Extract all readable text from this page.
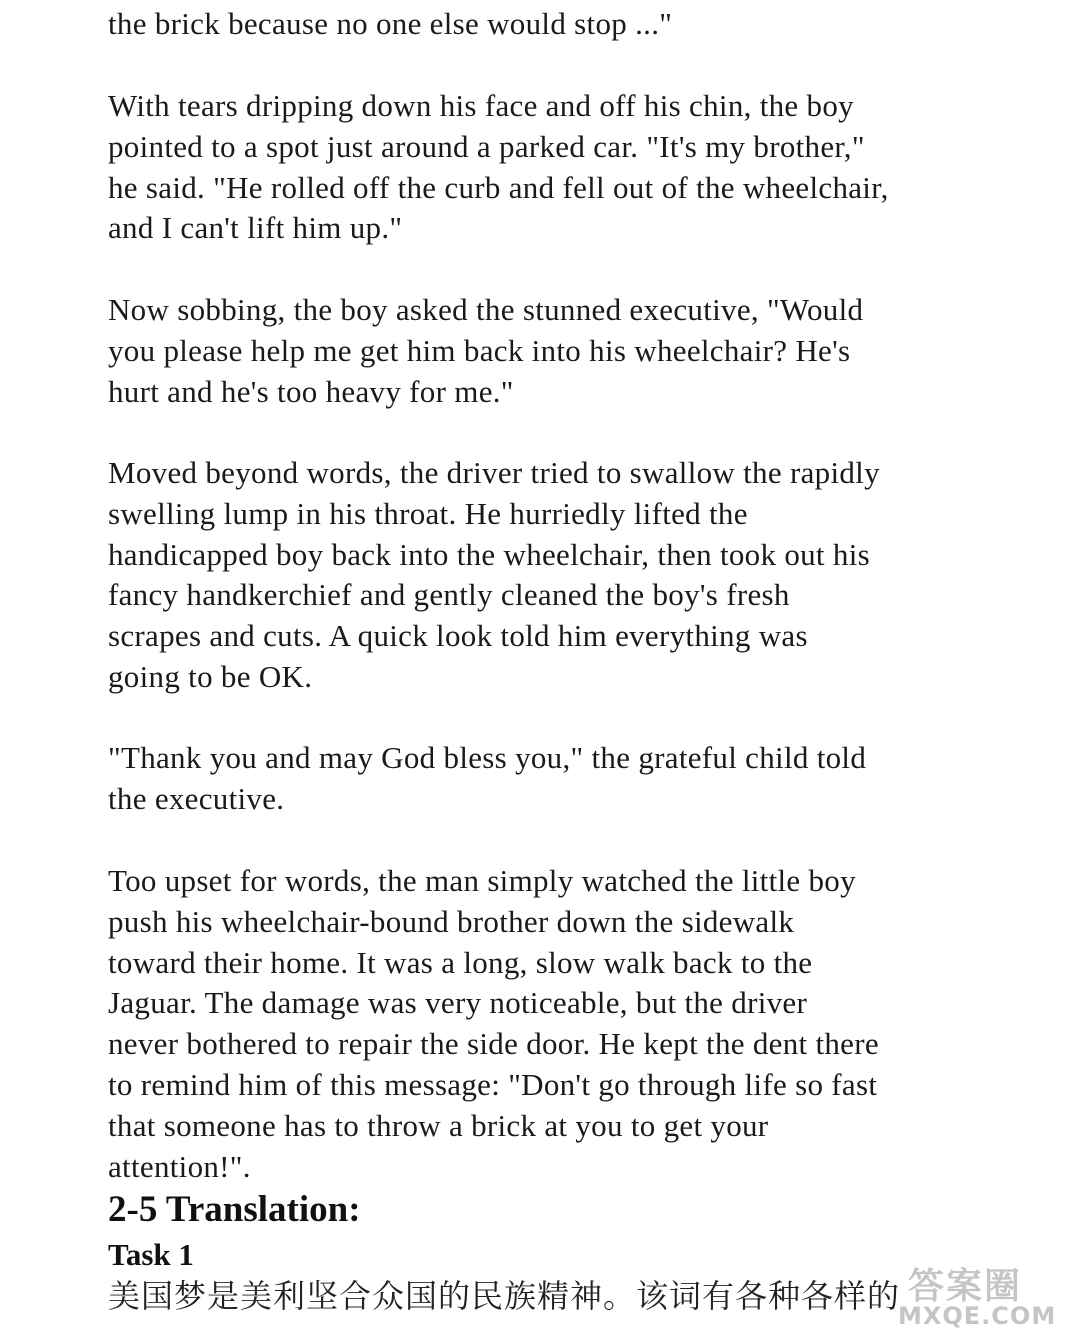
the brick because no one else would stop ..."
With tears dripping down his face and off his chin, the boy
pointed to a spot just around a parked car. "It's my brother,"
he said. "He rolled off the curb and fell out of the wheelchair,
and I can't lift him up."
Now sobbing, the boy asked the stunned executive, "Would
you please help me get him back into his wheelchair? He's
hurt and he's too heavy for me."
Moved beyond words, the driver tried to swallow the rapidly
swelling lump in his throat. He hurriedly lifted the
handicapped boy back into the wheelchair, then took out his
fancy handkerchief and gently cleaned the boy's fresh
scrapes and cuts. A quick look told him everything was
going to be OK.
"Thank you and may God bless you," the grateful child told
the executive.
Too upset for words, the man simply watched the little boy
push his wheelchair-bound brother down the sidewalk
toward their home. It was a long, slow walk back to the
Jaguar. The damage was very noticeable, but the driver
never bothered to repair the side door. He kept the dent there
to remind him of this message: "Don't go through life so fast
that someone has to throw a brick at you to get your
attention!".
2-5 Translation:
Task 1
美国梦是美利坚合众国的民族精神。该词有各种各样的 答案圈
MXQE.COM
